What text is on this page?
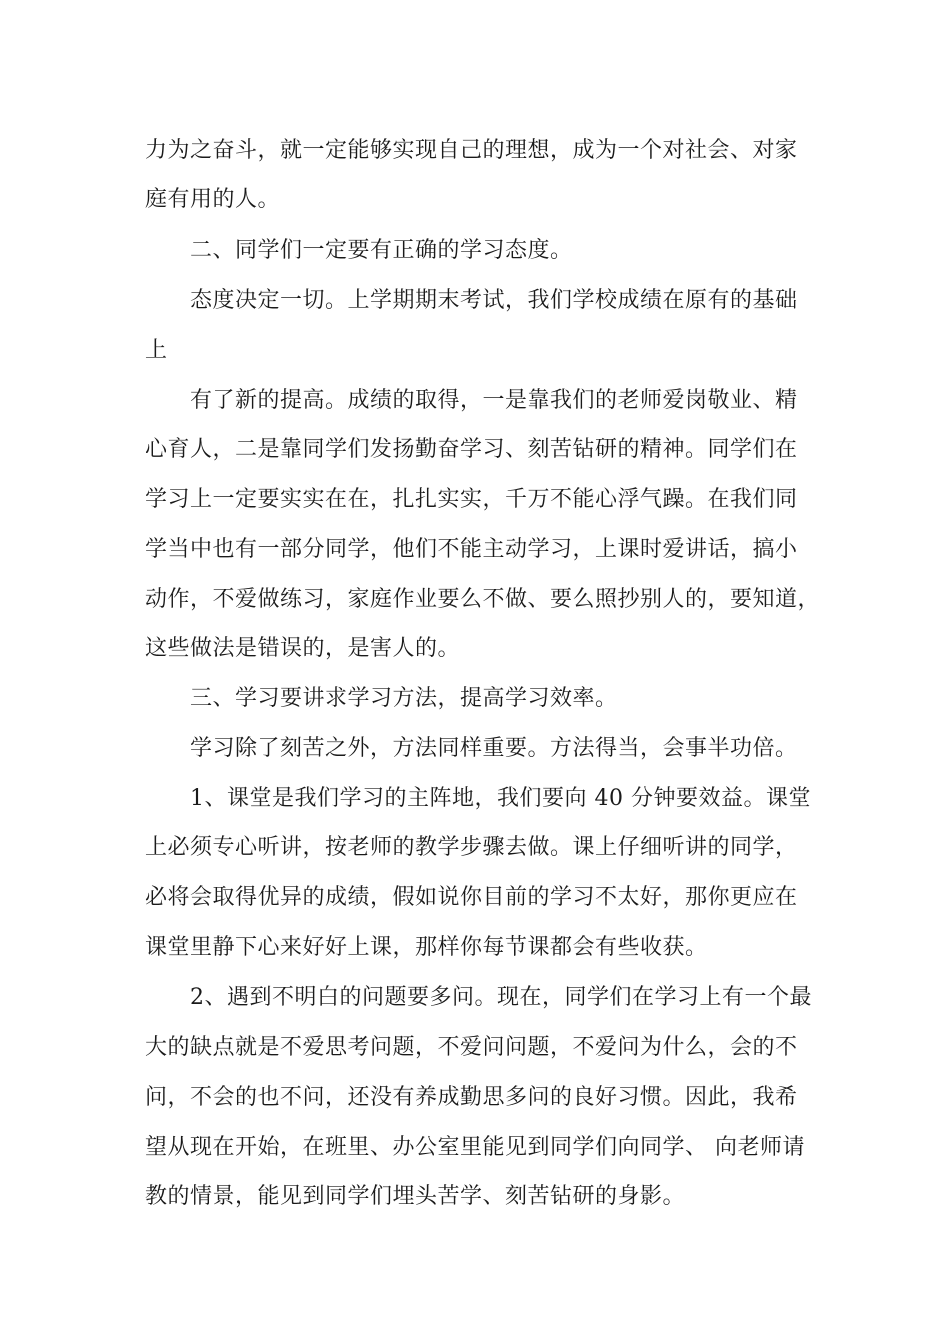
力为之奋斗，就一定能够实现自己的理想，成为一个对社会、对家
庭有用的人。
二、同学们一定要有正确的学习态度。
态度决定一切。上学期期末考试，我们学校成绩在原有的基础
上
有了新的提高。成绩的取得，一是靠我们的老师爱岗敬业、精
心育人，二是靠同学们发扬勤奋学习、刻苦钻研的精神。同学们在
学习上一定要实实在在，扎扎实实，千万不能心浮气躁。在我们同
学当中也有一部分同学，他们不能主动学习，上课时爱讲话，搞小
动作，不爱做练习，家庭作业要么不做、要么照抄别人的，要知道，
这些做法是错误的，是害人的。
三、学习要讲求学习方法，提高学习效率。
学习除了刻苦之外，方法同样重要。方法得当，会事半功倍。
1、课堂是我们学习的主阵地，我们要向 40 分钟要效益。课堂
上必须专心听讲，按老师的教学步骤去做。课上仔细听讲的同学，
必将会取得优异的成绩，假如说你目前的学习不太好，那你更应在
课堂里静下心来好好上课，那样你每节课都会有些收获。
2、遇到不明白的问题要多问。现在，同学们在学习上有一个最
大的缺点就是不爱思考问题，不爱问问题，不爱问为什么，会的不
问，不会的也不问，还没有养成勤思多问的良好习惯。因此，我希
望从现在开始，在班里、办公室里能见到同学们向同学、 向老师请
教的情景，能见到同学们埋头苦学、刻苦钻研的身影。
